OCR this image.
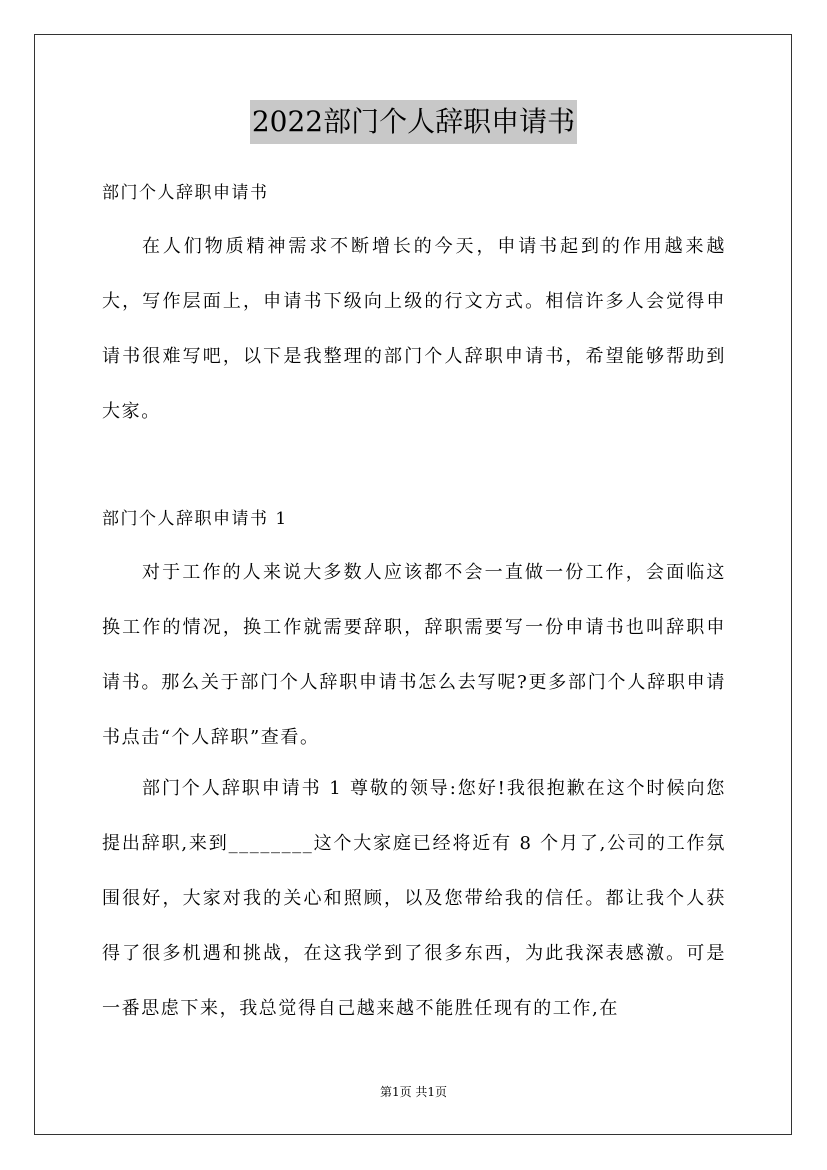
2022部门个人辞职申请书
部门个人辞职申请书

在人们物质精神需求不断增长的今天，申请书起到的作用越来越大，写作层面上，申请书下级向上级的行文方式。相信许多人会觉得申请书很难写吧，以下是我整理的部门个人辞职申请书，希望能够帮助到大家。

部门个人辞职申请书 1

对于工作的人来说大多数人应该都不会一直做一份工作，会面临这换工作的情况，换工作就需要辞职，辞职需要写一份申请书也叫辞职申请书。那么关于部门个人辞职申请书怎么去写呢?更多部门个人辞职申请书点击“个人辞职”查看。

部门个人辞职申请书 1 尊敬的领导:您好!我很抱歉在这个时候向您提出辞职,来到________这个大家庭已经将近有 8 个月了,公司的工作氛围很好，大家对我的关心和照顾，以及您带给我的信任。都让我个人获得了很多机遇和挑战，在这我学到了很多东西，为此我深表感激。可是一番思虑下来，我总觉得自己越来越不能胜任现有的工作,在

第1页 共1页
